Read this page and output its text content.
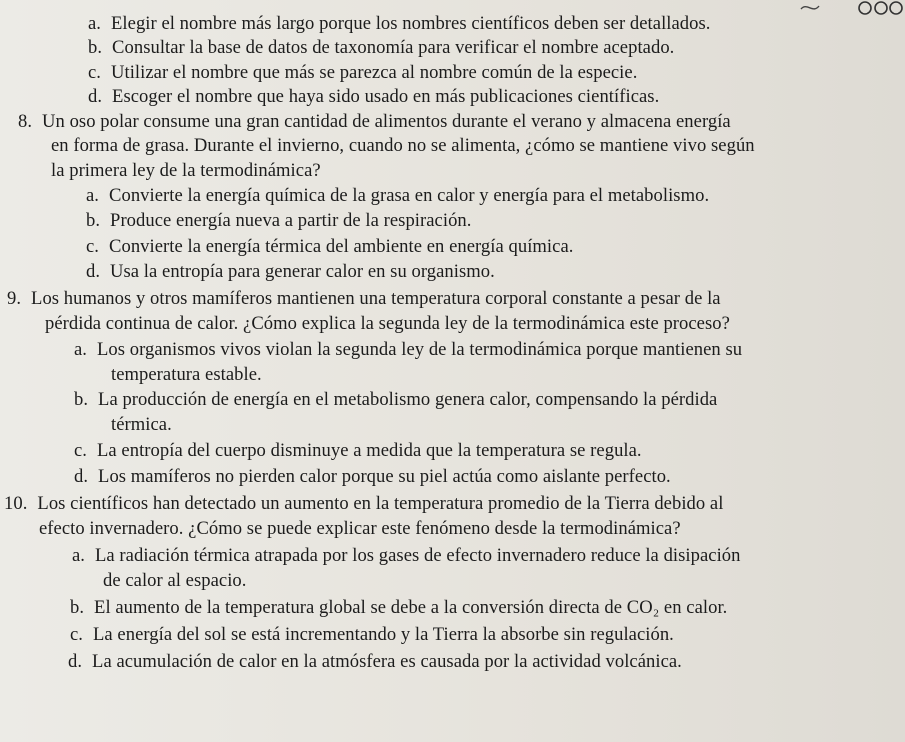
a. Elegir el nombre más largo porque los nombres científicos deben ser detallados.
b. Consultar la base de datos de taxonomía para verificar el nombre aceptado.
c. Utilizar el nombre que más se parezca al nombre común de la especie.
d. Escoger el nombre que haya sido usado en más publicaciones científicas.
8. Un oso polar consume una gran cantidad de alimentos durante el verano y almacena energía
en forma de grasa. Durante el invierno, cuando no se alimenta, ¿cómo se mantiene vivo según
la primera ley de la termodinámica?
a. Convierte la energía química de la grasa en calor y energía para el metabolismo.
b. Produce energía nueva a partir de la respiración.
c. Convierte la energía térmica del ambiente en energía química.
d. Usa la entropía para generar calor en su organismo.
9. Los humanos y otros mamíferos mantienen una temperatura corporal constante a pesar de la
pérdida continua de calor. ¿Cómo explica la segunda ley de la termodinámica este proceso?
a. Los organismos vivos violan la segunda ley de la termodinámica porque mantienen su
temperatura estable.
b. La producción de energía en el metabolismo genera calor, compensando la pérdida
térmica.
c. La entropía del cuerpo disminuye a medida que la temperatura se regula.
d. Los mamíferos no pierden calor porque su piel actúa como aislante perfecto.
10. Los científicos han detectado un aumento en la temperatura promedio de la Tierra debido al
efecto invernadero. ¿Cómo se puede explicar este fenómeno desde la termodinámica?
a. La radiación térmica atrapada por los gases de efecto invernadero reduce la disipación
de calor al espacio.
b. El aumento de la temperatura global se debe a la conversión directa de CO₂ en calor.
c. La energía del sol se está incrementando y la Tierra la absorbe sin regulación.
d. La acumulación de calor en la atmósfera es causada por la actividad volcánica.
